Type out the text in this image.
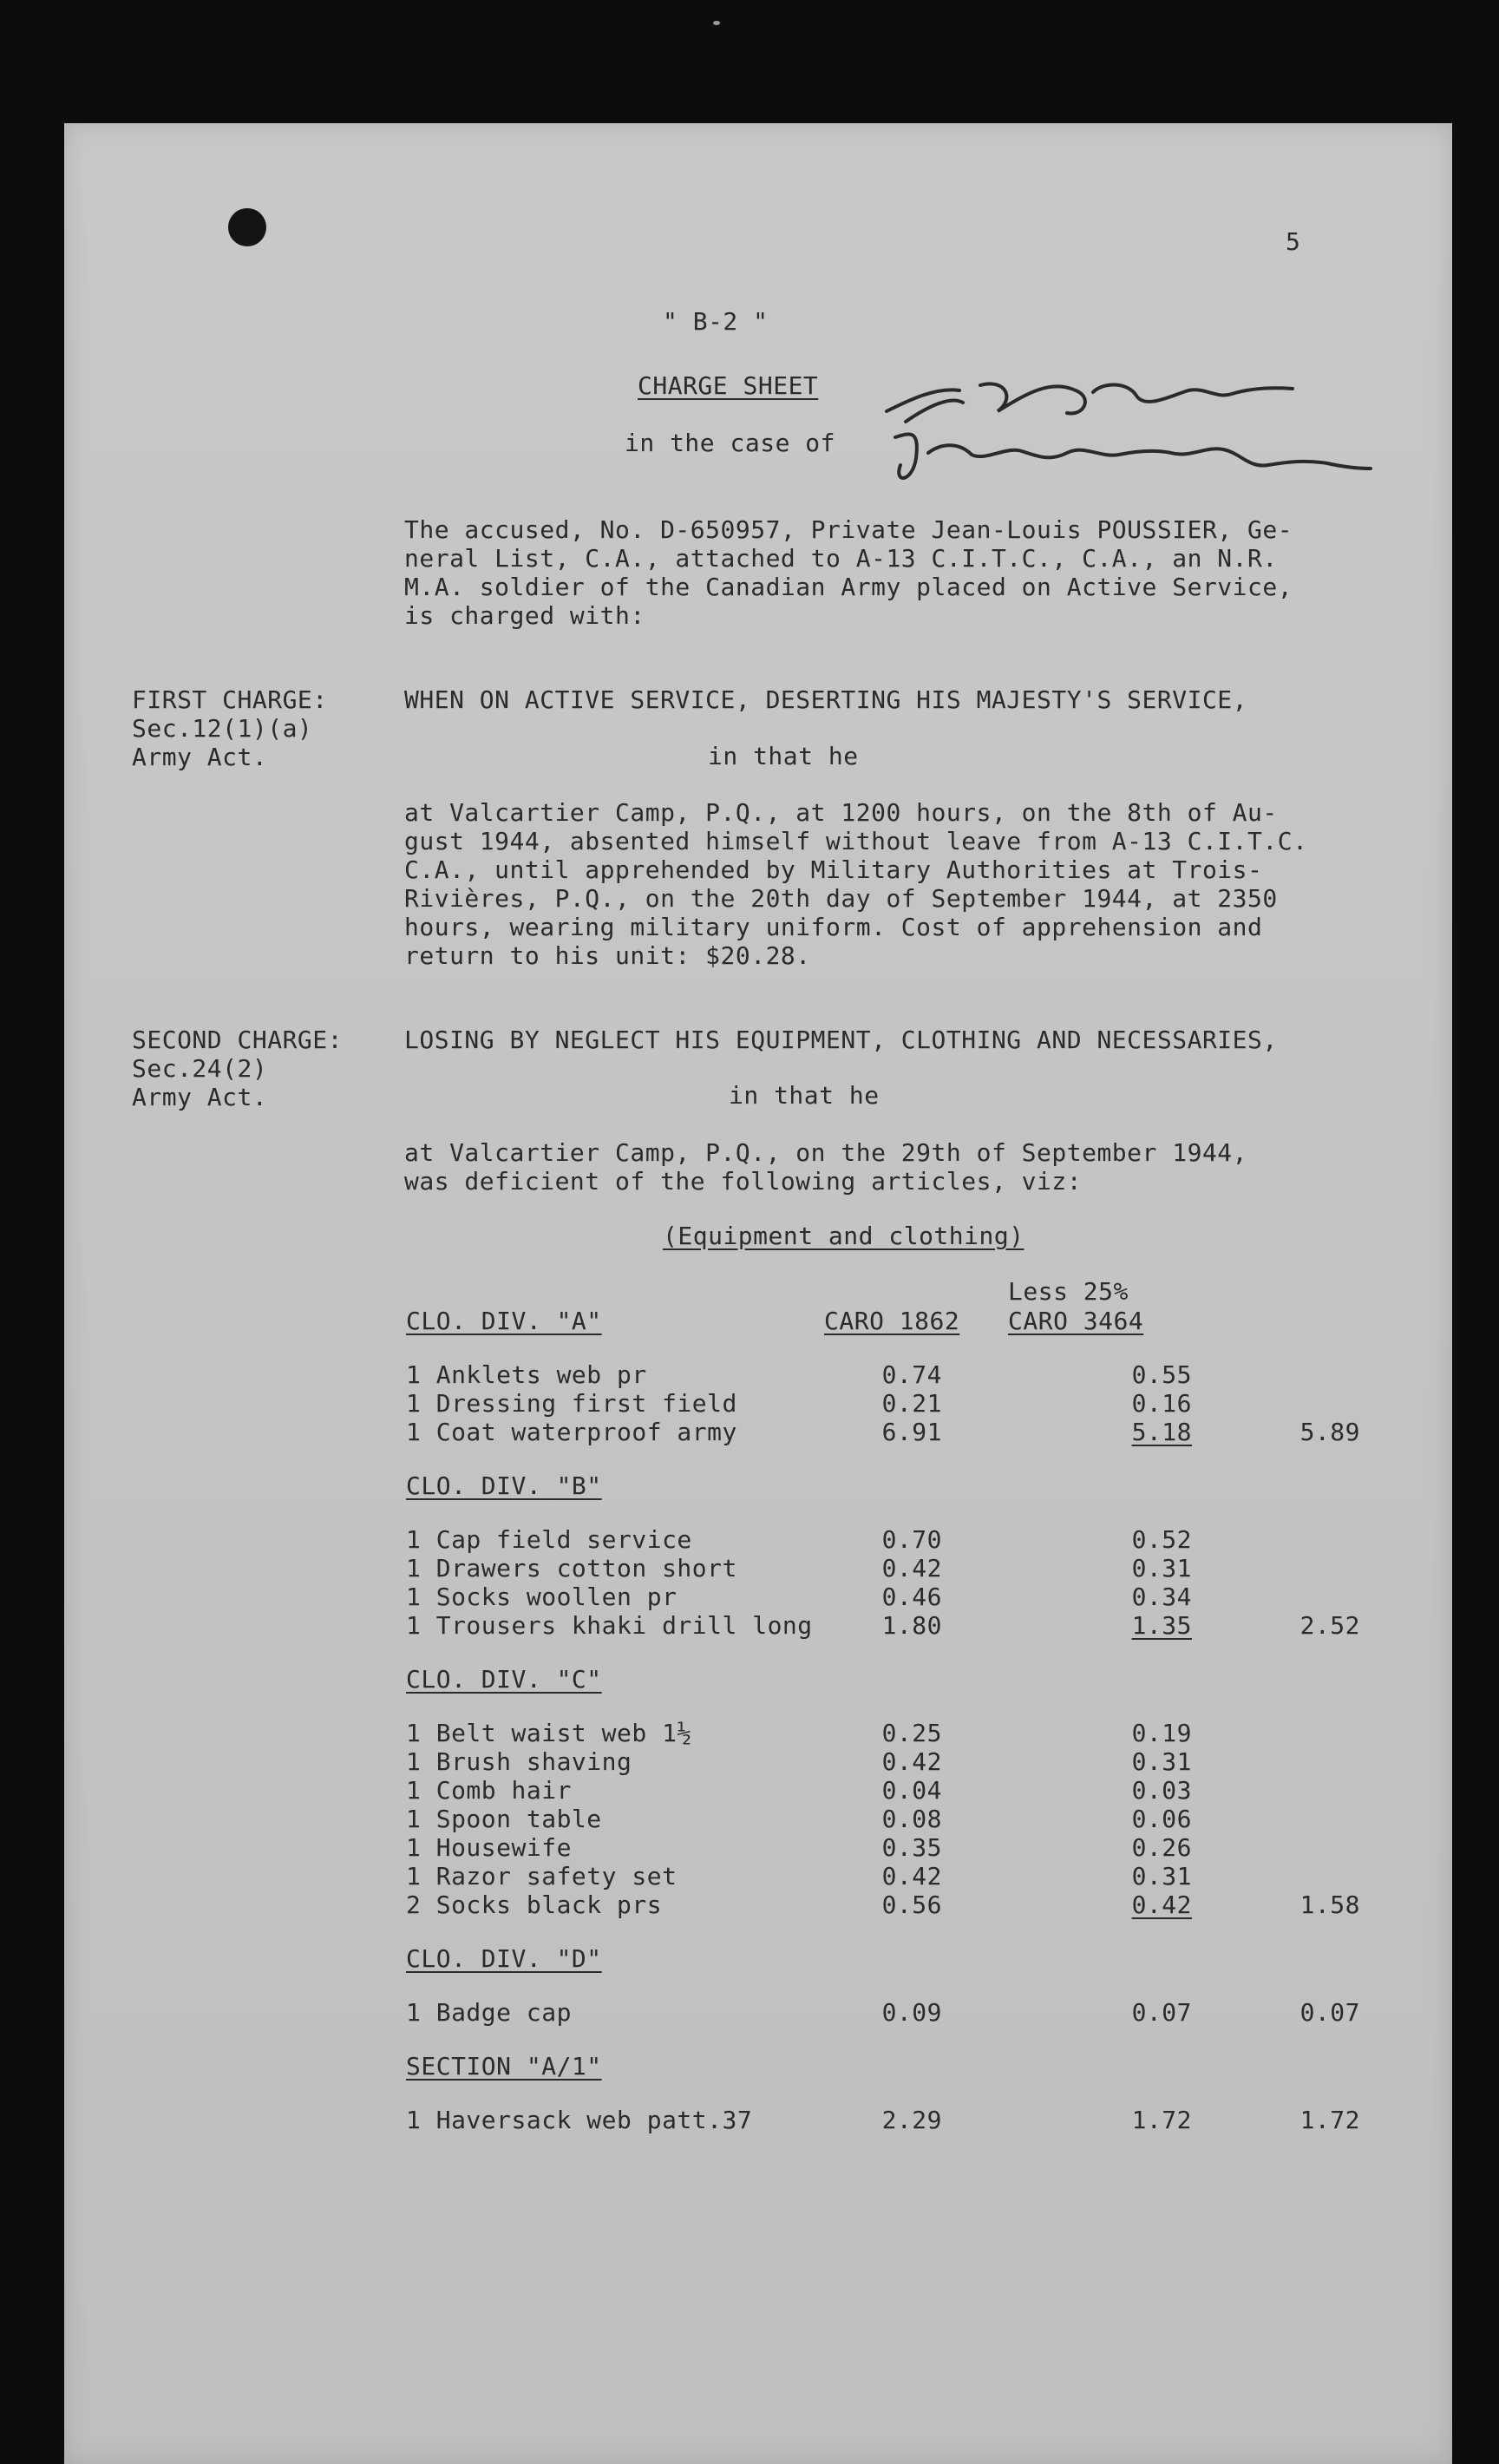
5
" B-2 "
CHARGE SHEET
in the case of
The accused, No. D-650957, Private Jean-Louis POUSSIER, Ge-
neral List, C.A., attached to A-13 C.I.T.C., C.A., an N.R.
M.A. soldier of the Canadian Army placed on Active Service,
is charged with:
FIRST CHARGE:
Sec.12(1)(a)
Army Act.
WHEN ON ACTIVE SERVICE, DESERTING HIS MAJESTY'S SERVICE,
in that he
at Valcartier Camp, P.Q., at 1200 hours, on the 8th of Au-
gust 1944, absented himself without leave from A-13 C.I.T.C.
C.A., until apprehended by Military Authorities at Trois-
Rivières, P.Q., on the 20th day of September 1944, at 2350
hours, wearing military uniform. Cost of apprehension and
return to his unit: $20.28.
SECOND CHARGE:
Sec.24(2)
Army Act.
LOSING BY NEGLECT HIS EQUIPMENT, CLOTHING AND NECESSARIES,
in that he
at Valcartier Camp, P.Q., on the 29th of September 1944,
was deficient of the following articles, viz:
(Equipment and clothing)
Less 25%
CARO 1862 CARO 3464
CLO. DIV. "A"
1 Anklets web pr	0.74	0.55
1 Dressing first field	0.21	0.16
1 Coat waterproof army	6.91	5.18	5.89
CLO. DIV. "B"
1 Cap field service	0.70	0.52
1 Drawers cotton short	0.42	0.31
1 Socks woollen pr	0.46	0.34
1 Trousers khaki drill long	1.80	1.35	2.52
CLO. DIV. "C"
1 Belt waist web 1½	0.25	0.19
1 Brush shaving	0.42	0.31
1 Comb hair	0.04	0.03
1 Spoon table	0.08	0.06
1 Housewife	0.35	0.26
1 Razor safety set	0.42	0.31
2 Socks black prs	0.56	0.42	1.58
CLO. DIV. "D"
1 Badge cap	0.09	0.07	0.07
SECTION "A/1"
1 Haversack web patt.37	2.29	1.72	1.72
